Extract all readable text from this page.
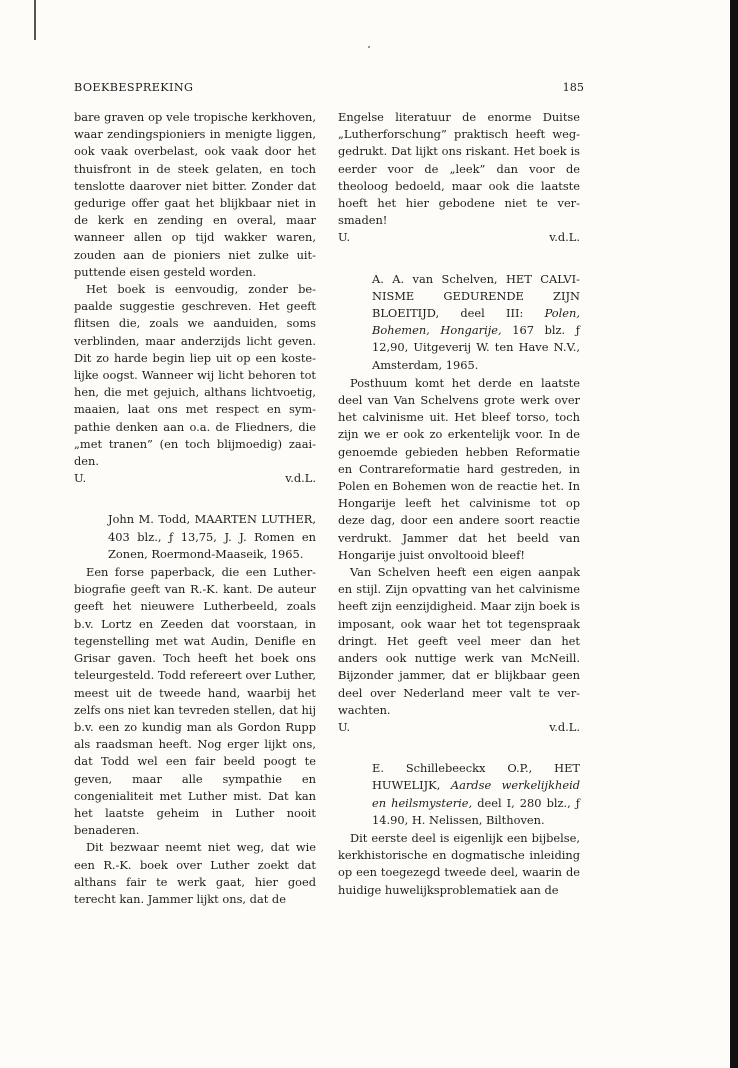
BOEKBESPREKING	185

bare graven op vele tropische kerkhoven, waar zendingspioniers in menigte liggen, ook vaak overbelast, ook vaak door het thuisfront in de steek gelaten, en toch tenslotte daarover niet bitter. Zonder dat gedurige offer gaat het blijkbaar niet in de kerk en zending en overal, maar wanneer allen op tijd wakker waren, zouden aan de pioniers niet zulke uitputtende eisen gesteld worden.

Het boek is eenvoudig, zonder bepaalde suggestie geschreven. Het geeft flitsen die, zoals we aanduiden, soms verblinden, maar anderzijds licht geven. Dit zo harde begin liep uit op een kostelijke oogst. Wanneer wij licht behoren tot hen, die met gejuich, althans lichtvoetig, maaien, laat ons met respect en sympathie denken aan o.a. de Fliedners, die „met tranen” (en toch blijmoedig) zaaiden.

U.	v.d.L.
John M. Todd, MAARTEN LUTHER, 403 blz., ƒ 13,75, J. J. Romen en Zonen, Roermond-Maaseik, 1965.

Een forse paperback, die een Lutherbiografie geeft van R.-K. kant. De auteur geeft het nieuwere Lutherbeeld, zoals b.v. Lortz en Zeeden dat voorstaan, in tegenstelling met wat Audin, Denifle en Grisar gaven. Toch heeft het boek ons teleurgesteld. Todd refereert over Luther, meest uit de tweede hand, waarbij het zelfs ons niet kan tevreden stellen, dat hij b.v. een zo kundig man als Gordon Rupp als raadsman heeft. Nog erger lijkt ons, dat Todd wel een fair beeld poogt te geven, maar alle sympathie en congenialiteit met Luther mist. Dat kan het laatste geheim in Luther nooit benaderen.

Dit bezwaar neemt niet weg, dat wie een R.-K. boek over Luther zoekt dat althans fair te werk gaat, hier goed terecht kan. Jammer lijkt ons, dat de

Engelse literatuur de enorme Duitse „Lutherforschung” praktisch heeft weggedrukt. Dat lijkt ons riskant. Het boek is eerder voor de „leek” dan voor de theoloog bedoeld, maar ook die laatste hoeft het hier gebodene niet te versmaden!

U.	v.d.L.
A. A. van Schelven, HET CALVINISME GEDURENDE ZIJN BLOEITIJD, deel III: Polen, Bohemen, Hongarije, 167 blz. ƒ 12,90, Uitgeverij W. ten Have N.V., Amsterdam, 1965.

Posthuum komt het derde en laatste deel van Van Schelvens grote werk over het calvinisme uit. Het bleef torso, toch zijn we er ook zo erkentelijk voor. In de genoemde gebieden hebben Reformatie en Contrareformatie hard gestreden, in Polen en Bohemen won de reactie het. In Hongarije leeft het calvinisme tot op deze dag, door een andere soort reactie verdrukt. Jammer dat het beeld van Hongarije juist onvoltooid bleef!

Van Schelven heeft een eigen aanpak en stijl. Zijn opvatting van het calvinisme heeft zijn eenzijdigheid. Maar zijn boek is imposant, ook waar het tot tegenspraak dringt. Het geeft veel meer dan het anders ook nuttige werk van McNeill. Bijzonder jammer, dat er blijkbaar geen deel over Nederland meer valt te verwachten.

U.	v.d.L.
E. Schillebeeckx O.P., HET HUWELIJK, Aardse werkelijkheid en heilsmysterie, deel I, 280 blz., ƒ 14.90, H. Nelissen, Bilthoven.

Dit eerste deel is eigenlijk een bijbelse, kerkhistorische en dogmatische inleiding op een toegezegd tweede deel, waarin de huidige huwelijksproblematiek aan de
